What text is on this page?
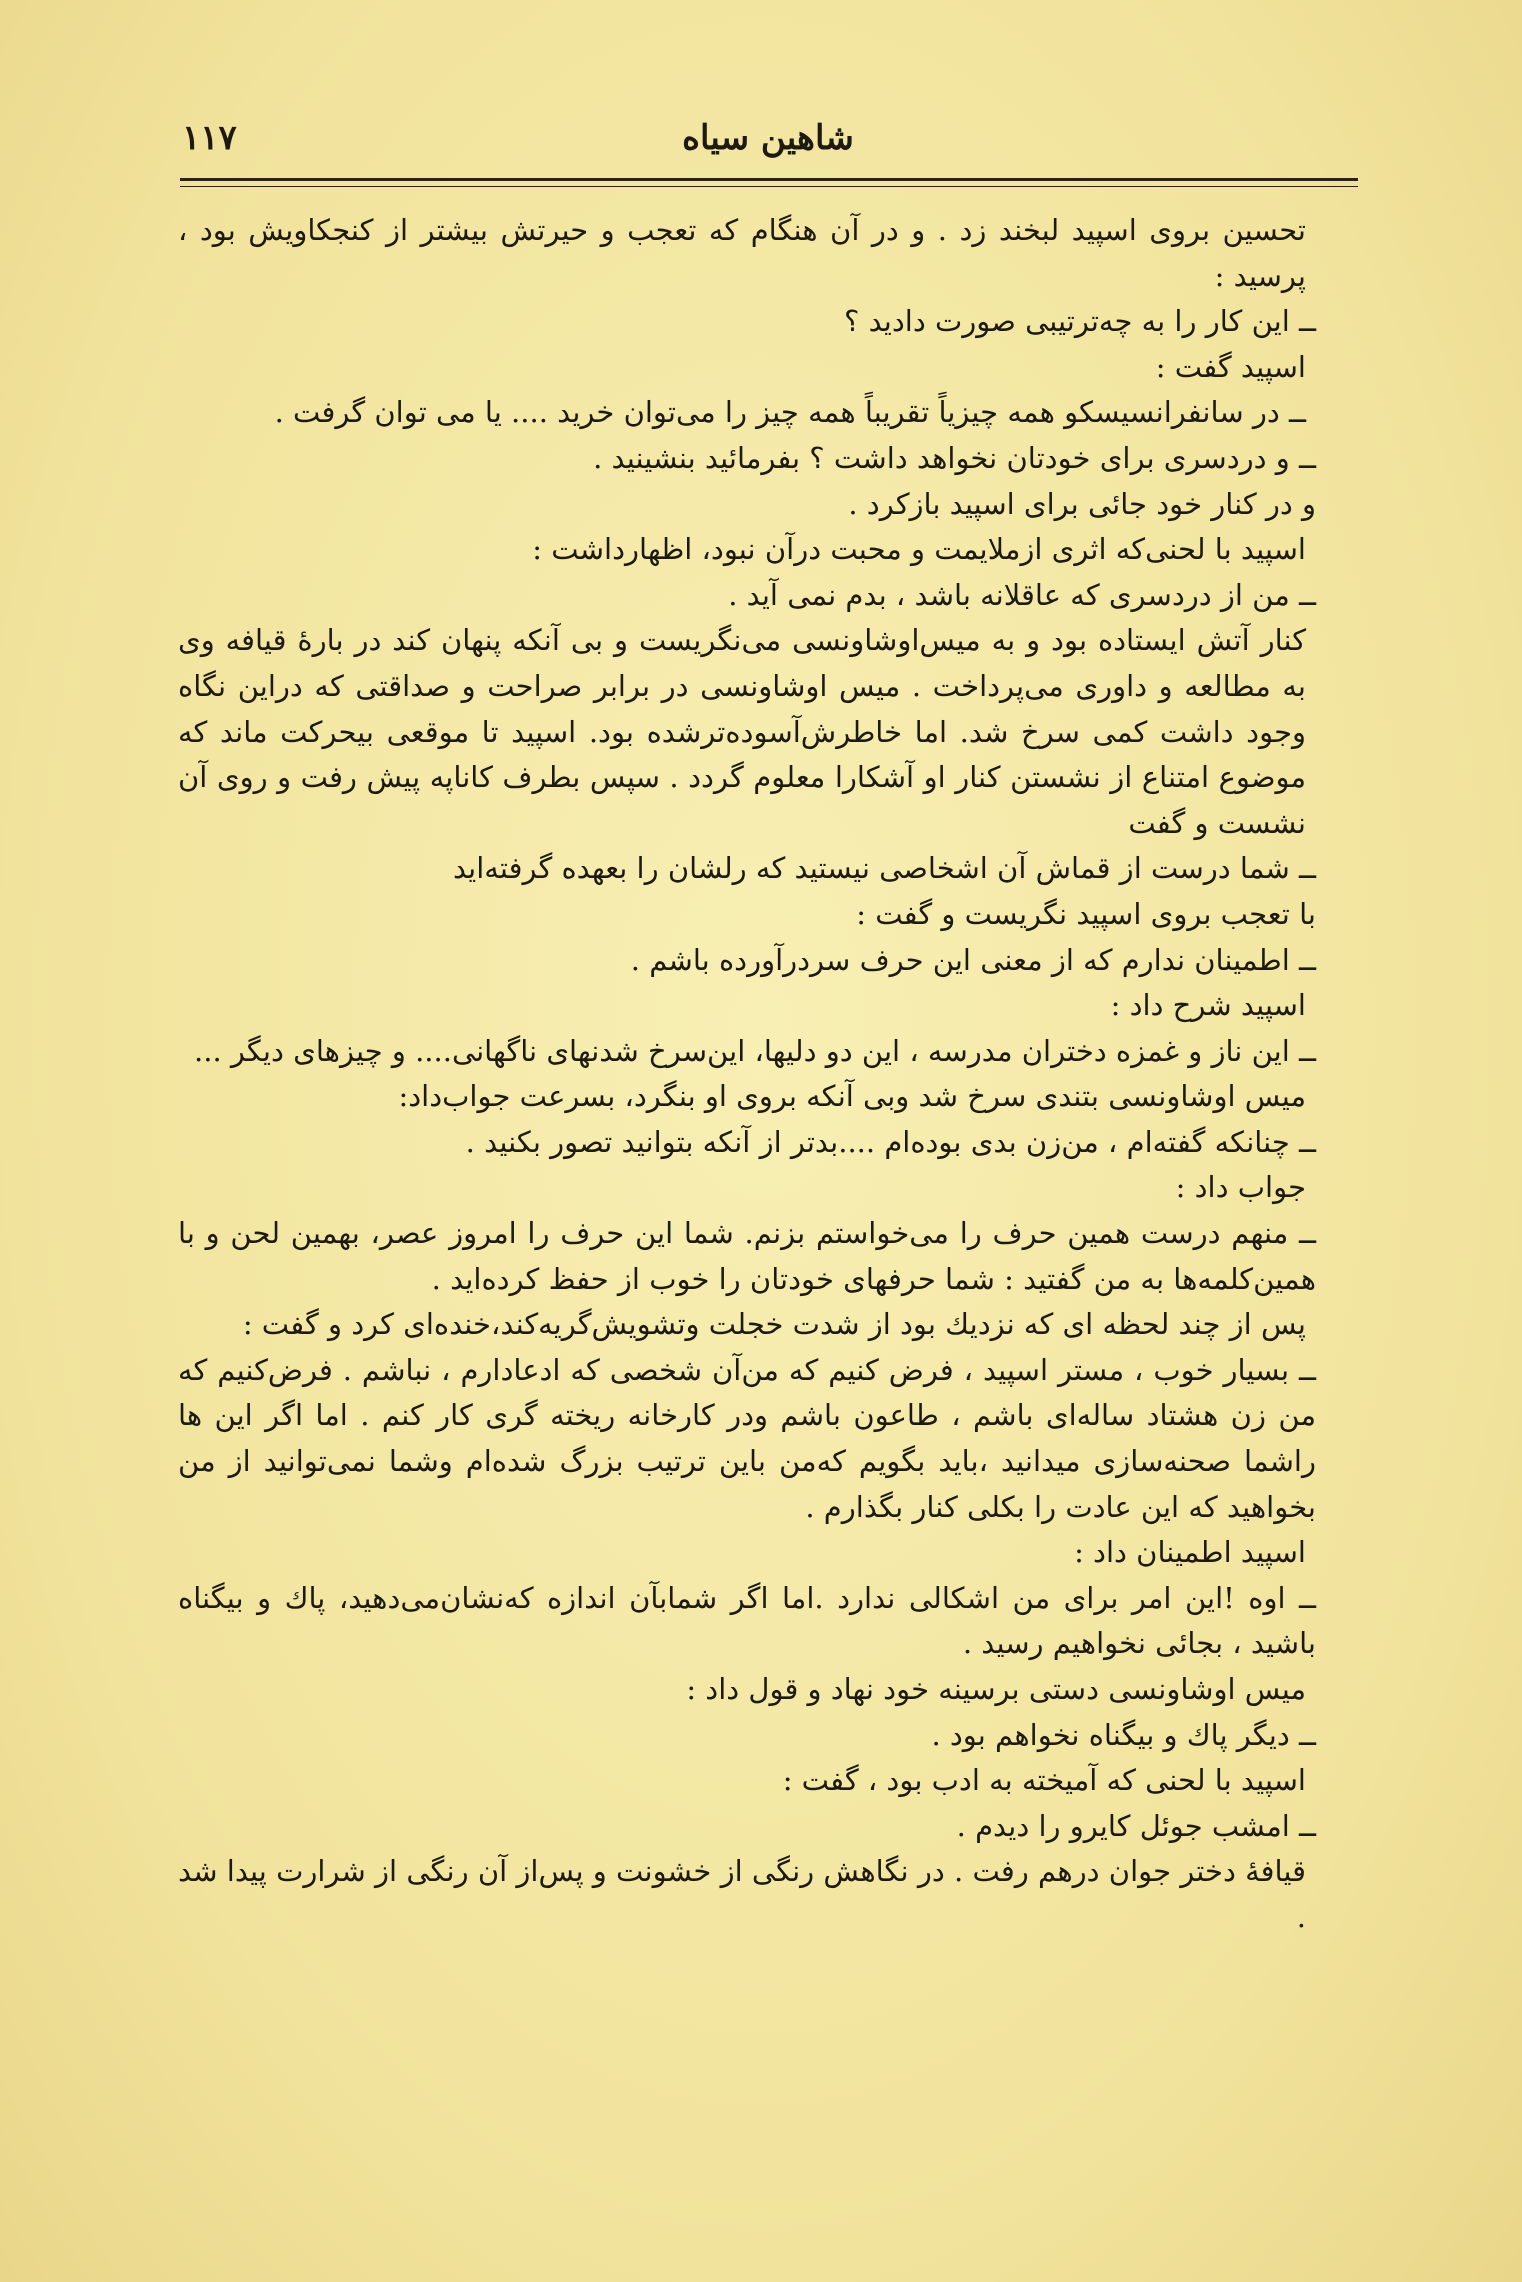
شاهین سیاه
۱۱۷

تحسین بروی اسپید لبخند زد . و در آن هنگام که تعجب و حیرتش بیشتر از کنجکاویش بود ، پرسید :

ــ این کار را به چه‌ترتیبی صورت دادید ؟

اسپید گفت :

ــ در سانفرانسیسکو همه چیزیاً تقریباً همه چیز را می‌توان خرید .... یا می توان گرفت .

ــ و دردسری برای خودتان نخواهد داشت ؟ بفرمائید بنشینید .

و در کنار خود جائی برای اسپید بازکرد .

اسپید با لحنی‌که اثری ازملایمت و محبت درآن نبود، اظهارداشت :

ــ من از دردسری که عاقلانه باشد ، بدم نمی آید .

کنار آتش ایستاده بود و به میس‌اوشاونسی می‌نگریست و بی آنکه پنهان کند در بارهٔ قیافه وی به مطالعه و داوری می‌پرداخت . میس اوشاونسی در برابر صراحت و صداقتی که دراین نگاه وجود داشت کمی سرخ شد. اما خاطرش‌آسوده‌ترشده بود. اسپید تا موقعی بیحرکت ماند که موضوع امتناع از نشستن کنار او آشکارا معلوم گردد . سپس بطرف کاناپه پیش رفت و روی آن نشست و گفت

ــ شما درست از قماش آن اشخاصی نیستید که رلشان را بعهده گرفته‌اید

با تعجب بروی اسپید نگریست و گفت :

ــ اطمینان ندارم که از معنی این حرف سردرآورده باشم .

اسپید شرح داد :

ــ این ناز و غمزه دختران مدرسه ، این دو دلیها، این‌سرخ شدنهای ناگهانی.... و چیزهای دیگر ...

میس اوشاونسی بتندی سرخ شد وبی آنکه بروی او بنگرد، بسرعت جواب‌داد:

ــ چنانکه گفته‌ام ، من‌زن بدی بوده‌ام ....بدتر از آنکه بتوانید تصور بکنید .

جواب داد :

ــ منهم درست همین حرف را می‌خواستم بزنم. شما این حرف را امروز عصر، بهمین لحن و با همین‌کلمه‌ها به من گفتید : شما حرفهای خودتان را خوب از حفظ کرده‌اید .

پس از چند لحظه ای که نزدیك بود از شدت خجلت وتشویش‌گریه‌کند،خنده‌ای کرد و گفت :

ــ بسیار خوب ، مستر اسپید ، فرض کنیم که من‌آن شخصی که ادعادارم ، نباشم . فرض‌کنیم که من زن هشتاد ساله‌ای باشم ، طاعون باشم ودر کارخانه ریخته گری کار کنم . اما اگر این ها راشما صحنه‌سازی میدانید ،باید بگویم که‌من باین ترتیب بزرگ شده‌ام وشما نمی‌توانید از من بخواهید که این عادت را بکلی کنار بگذارم .

اسپید اطمینان داد :

ــ اوه !این امر برای من اشکالی ندارد .اما اگر شمابآن اندازه که‌نشان‌می‌دهید، پاك و بیگناه باشید ، بجائی نخواهیم رسید .

میس اوشاونسی دستی برسینه خود نهاد و قول داد :

ــ دیگر پاك و بیگناه نخواهم بود .

اسپید با لحنی که آمیخته به ادب بود ، گفت :

ــ امشب جوئل کایرو را دیدم .

قیافهٔ دختر جوان درهم رفت . در نگاهش رنگی از خشونت و پس‌از آن رنگی از شرارت پیدا شد .
